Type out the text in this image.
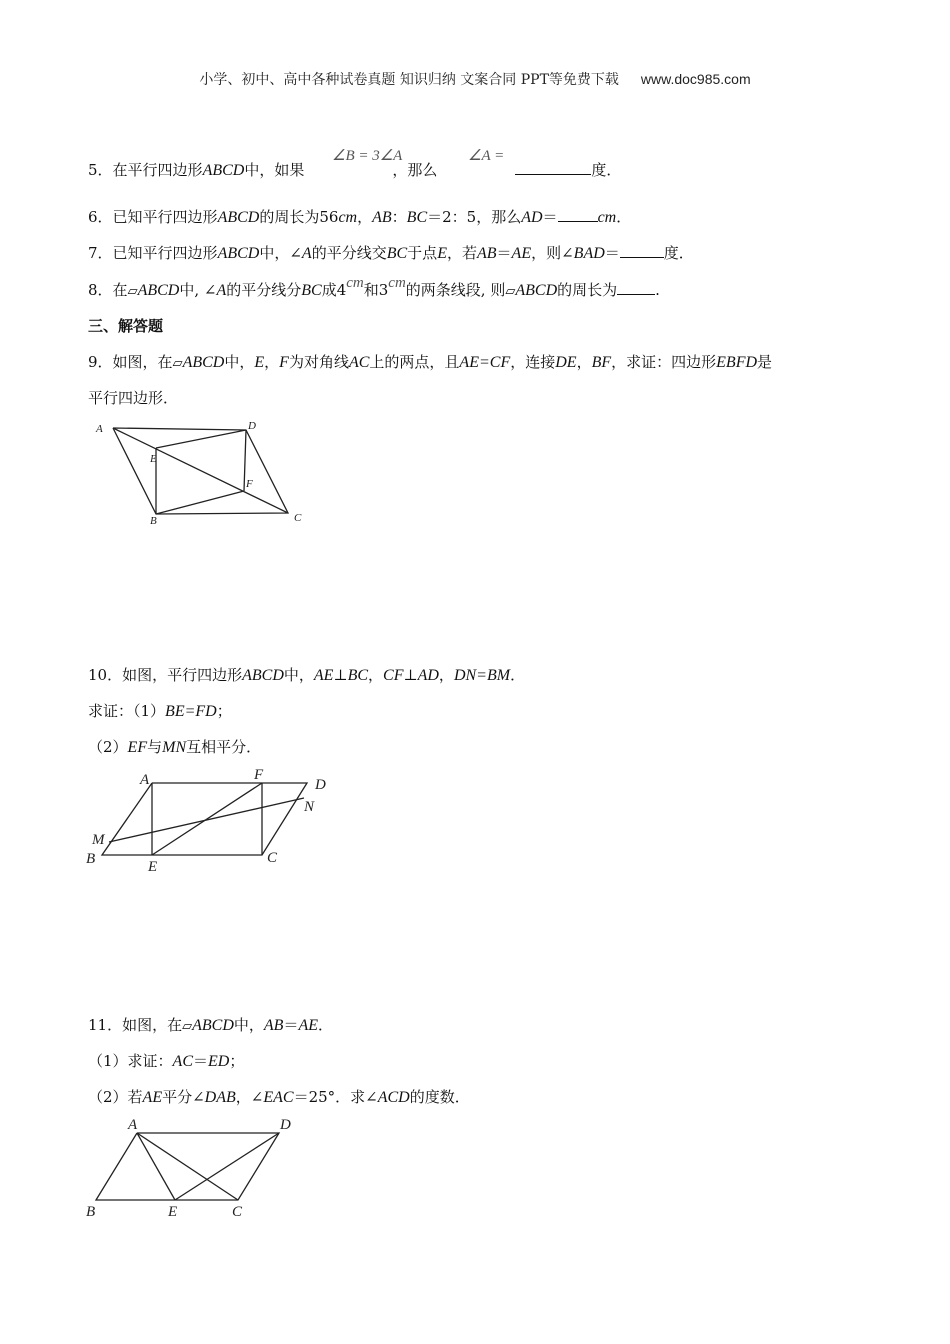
小学、初中、高中各种试卷真题 知识归纳 文案合同 PPT等免费下载 www.doc985.com
5．在平行四边形ABCD中，如果	，那么	度．
∠B = 3∠A	∠A =
6．已知平行四边形ABCD的周长为56cm，AB：BC＝2：5，那么AD＝	cm．
7．已知平行四边形ABCD中，∠A的平分线交BC于点E，若AB＝AE，则∠BAD＝	度．
8．在▱ABCD中, ∠A的平分线分BC成4cm和3cm的两条线段, 则▱ABCD的周长为	.
三、解答题
9．如图，在▱ABCD中，E，F为对角线AC上的两点，且AE=CF，连接DE，BF，求证：四边形EBFD是
平行四边形．
A	D
E
F
B	C
10．如图，平行四边形ABCD中，AE⊥BC，CF⊥AD，DN=BM．
求证：（1）BE=FD；
（2）EF与MN互相平分．
A	F
D
N
M
B	E
C
11．如图，在▱ABCD中，AB＝AE．
（1）求证：AC＝ED；
（2）若AE平分∠DAB，∠EAC＝25°．求∠ACD的度数．
A	D
B	E	C
